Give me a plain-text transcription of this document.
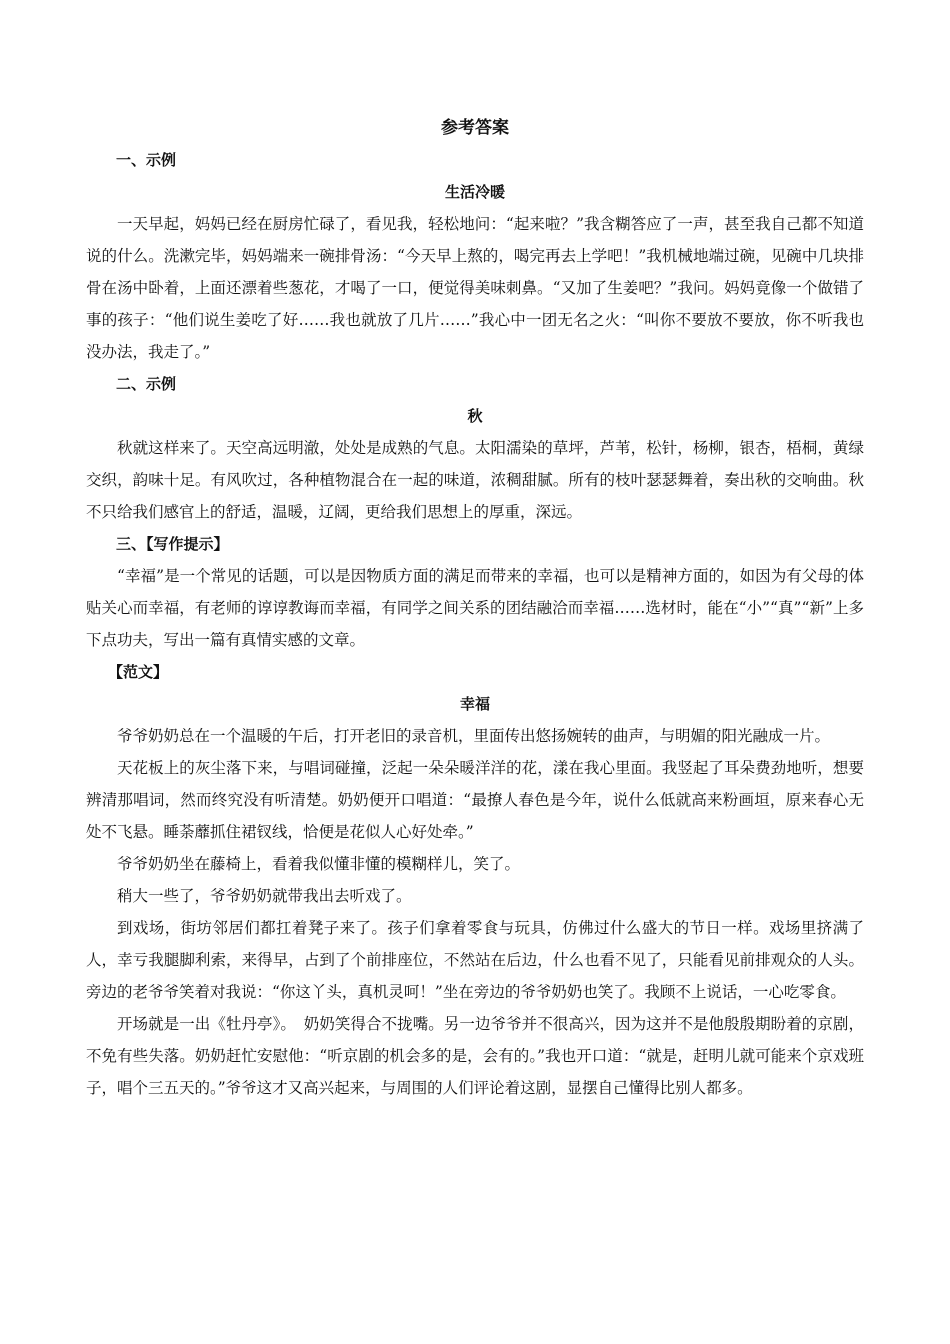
参考答案
一、示例
生活冷暖

一天早起，妈妈已经在厨房忙碌了，看见我，轻松地问：“起来啦？”我含糊答应了一声，甚至我自己都不知道说的什么。洗漱完毕，妈妈端来一碗排骨汤：“今天早上熬的，喝完再去上学吧！”我机械地端过碗，见碗中几块排骨在汤中卧着，上面还漂着些葱花，才喝了一口，便觉得美味刺鼻。“又加了生姜吧？”我问。妈妈竟像一个做错了事的孩子：“他们说生姜吃了好……我也就放了几片……”我心中一团无名之火：“叫你不要放不要放，你不听我也没办法，我走了。”

二、示例
秋

秋就这样来了。天空高远明澈，处处是成熟的气息。太阳濡染的草坪，芦苇，松针，杨柳，银杏，梧桐，黄绿交织，韵味十足。有风吹过，各种植物混合在一起的味道，浓稠甜腻。所有的枝叶瑟瑟舞着，奏出秋的交响曲。秋不只给我们感官上的舒适，温暖，辽阔，更给我们思想上的厚重，深远。

三、【写作提示】

“幸福”是一个常见的话题，可以是因物质方面的满足而带来的幸福，也可以是精神方面的，如因为有父母的体贴关心而幸福，有老师的谆谆教诲而幸福，有同学之间关系的团结融洽而幸福……选材时，能在“小”“真”“新”上多下点功夫，写出一篇有真情实感的文章。

【范文】
幸福

爷爷奶奶总在一个温暖的午后，打开老旧的录音机，里面传出悠扬婉转的曲声，与明媚的阳光融成一片。

天花板上的灰尘落下来，与唱词碰撞，泛起一朵朵暖洋洋的花，漾在我心里面。我竖起了耳朵费劲地听，想要辨清那唱词，然而终究没有听清楚。奶奶便开口唱道：“最撩人春色是今年，说什么低就高来粉画垣，原来春心无处不飞悬。睡荼蘼抓住裙钗线，恰便是花似人心好处牵。”

爷爷奶奶坐在藤椅上，看着我似懂非懂的模糊样儿，笑了。

稍大一些了，爷爷奶奶就带我出去听戏了。

到戏场，街坊邻居们都扛着凳子来了。孩子们拿着零食与玩具，仿佛过什么盛大的节日一样。戏场里挤满了人，幸亏我腿脚利索，来得早，占到了个前排座位，不然站在后边，什么也看不见了，只能看见前排观众的人头。旁边的老爷爷笑着对我说：“你这丫头，真机灵呵！”坐在旁边的爷爷奶奶也笑了。我顾不上说话，一心吃零食。

开场就是一出《牡丹亭》。　奶奶笑得合不拢嘴。另一边爷爷并不很高兴，因为这并不是他殷殷期盼着的京剧，不免有些失落。奶奶赶忙安慰他：“听京剧的机会多的是，会有的。”我也开口道：“就是，赶明儿就可能来个京戏班子，唱个三五天的。”爷爷这才又高兴起来，与周围的人们评论着这剧，显摆自己懂得比别人都多。
